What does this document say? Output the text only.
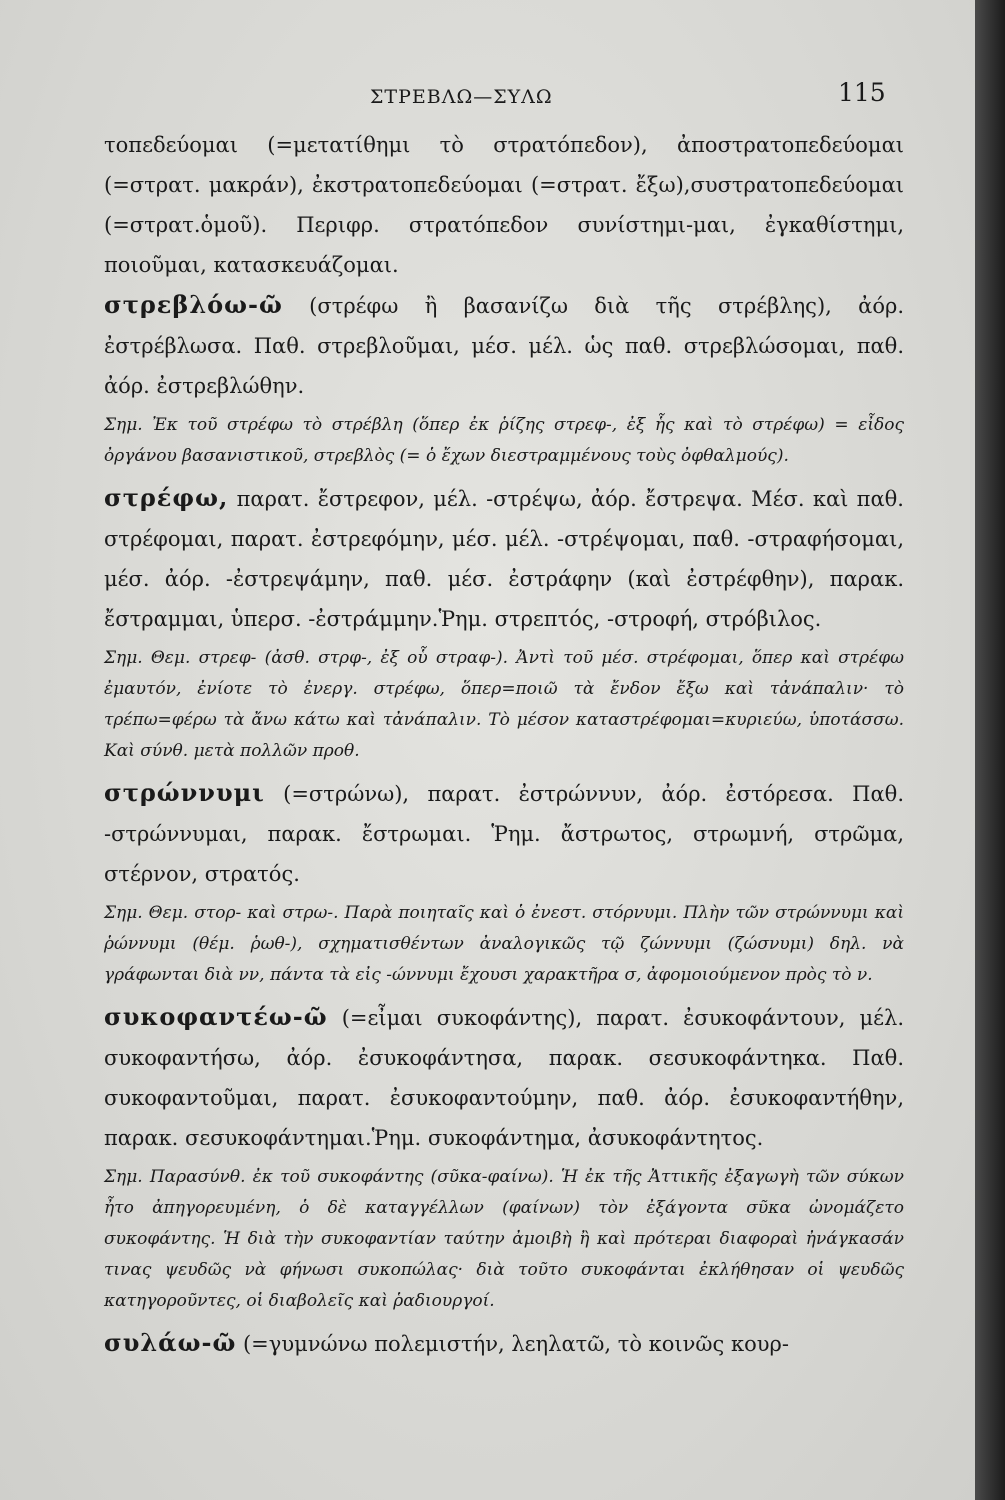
ΣΤΡΕΒΛΩ—ΣΥΛΩ	115

τοπεδεύομαι (=μετατίθημι τὸ στρατόπεδον), ἀποστρατοπεδεύομαι (=στρατ. μακράν), ἐκστρατοπεδεύομαι (=στρατ. ἔξω),συστρατοπεδεύομαι (=στρατ.ὁμοῦ). Περιφρ. στρατόπεδον συνίστημι-μαι, ἐγκαθίστημι, ποιοῦμαι, κατασκευάζομαι.

στρεβλόω-ῶ (στρέφω ἢ βασανίζω διὰ τῆς στρέβλης), ἀόρ. ἐστρέβλωσα. Παθ. στρεβλοῦμαι, μέσ. μέλ. ὡς παθ. στρεβλώσομαι, παθ. ἀόρ. ἐστρεβλώθην.

Σημ. Ἐκ τοῦ στρέφω τὸ στρέβλη (ὅπερ ἐκ ῥίζης στρεφ-, ἐξ ἧς καὶ τὸ στρέφω) = εἶδος ὀργάνου βασανιστικοῦ, στρεβλὸς (= ὁ ἔχων διεστραμμένους τοὺς ὀφθαλμούς).

στρέφω, παρατ. ἔστρεφον, μέλ. -στρέψω, ἀόρ. ἔστρεψα. Μέσ. καὶ παθ. στρέφομαι, παρατ. ἐστρεφόμην, μέσ. μέλ. -στρέψομαι, παθ. -στραφήσομαι, μέσ. ἀόρ. -ἐστρεψάμην, παθ. μέσ. ἐστράφην (καὶ ἐστρέφθην), παρακ. ἔστραμμαι, ὑπερσ. -ἐστράμμην.Ῥημ. στρεπτός, -στροφή, στρόβιλος.

Σημ. Θεμ. στρεφ- (ἀσθ. στρφ-, ἐξ οὗ στραφ-). Ἀντὶ τοῦ μέσ. στρέφομαι, ὅπερ καὶ στρέφω ἐμαυτόν, ἐνίοτε τὸ ἐνεργ. στρέφω, ὅπερ=ποιῶ τὰ ἔνδον ἔξω καὶ τἀνάπαλιν· τὸ τρέπω=φέρω τὰ ἄνω κάτω καὶ τἀνάπαλιν. Τὸ μέσον καταστρέφομαι=κυριεύω, ὑποτάσσω. Καὶ σύνθ. μετὰ πολλῶν προθ.

στρώννυμι (=στρώνω), παρατ. ἐστρώννυν, ἀόρ. ἐστόρεσα. Παθ. -στρώννυμαι, παρακ. ἔστρωμαι. Ῥημ. ἄστρωτος, στρωμνή, στρῶμα, στέρνον, στρατός.

Σημ. Θεμ. στορ- καὶ στρω-. Παρὰ ποιηταῖς καὶ ὁ ἐνεστ. στόρνυμι. Πλὴν τῶν στρώννυμι καὶ ῥώννυμι (θέμ. ῥωθ-), σχηματισθέντων ἀναλογικῶς τῷ ζώννυμι (ζώσνυμι) δηλ. νὰ γράφωνται διὰ νν, πάντα τὰ εἰς -ώννυμι ἔχουσι χαρακτῆρα σ, ἀφομοιούμενον πρὸς τὸ ν.

συκοφαντέω-ῶ (=εἶμαι συκοφάντης), παρατ. ἐσυκοφάντουν, μέλ. συκοφαντήσω, ἀόρ. ἐσυκοφάντησα, παρακ. σεσυκοφάντηκα. Παθ. συκοφαντοῦμαι, παρατ. ἐσυκοφαντούμην, παθ. ἀόρ. ἐσυκοφαντήθην, παρακ. σεσυκοφάντημαι.Ῥημ. συκοφάντημα, ἀσυκοφάντητος.

Σημ. Παρασύνθ. ἐκ τοῦ συκοφάντης (σῦκα-φαίνω). Ἡ ἐκ τῆς Ἀττικῆς ἐξαγωγὴ τῶν σύκων ἦτο ἀπηγορευμένη, ὁ δὲ καταγγέλλων (φαίνων) τὸν ἐξάγοντα σῦκα ὠνομάζετο συκοφάντης. Ἡ διὰ τὴν συκοφαντίαν ταύτην ἀμοιβὴ ἢ καὶ πρότεραι διαφοραὶ ἠνάγκασάν τινας ψευδῶς νὰ φήνωσι συκοπώλας· διὰ τοῦτο συκοφάνται ἐκλήθησαν οἱ ψευδῶς κατηγοροῦντες, οἱ διαβολεῖς καὶ ῥαδιουργοί.

συλάω-ῶ (=γυμνώνω πολεμιστήν, λεηλατῶ, τὸ κοινῶς κουρ-
